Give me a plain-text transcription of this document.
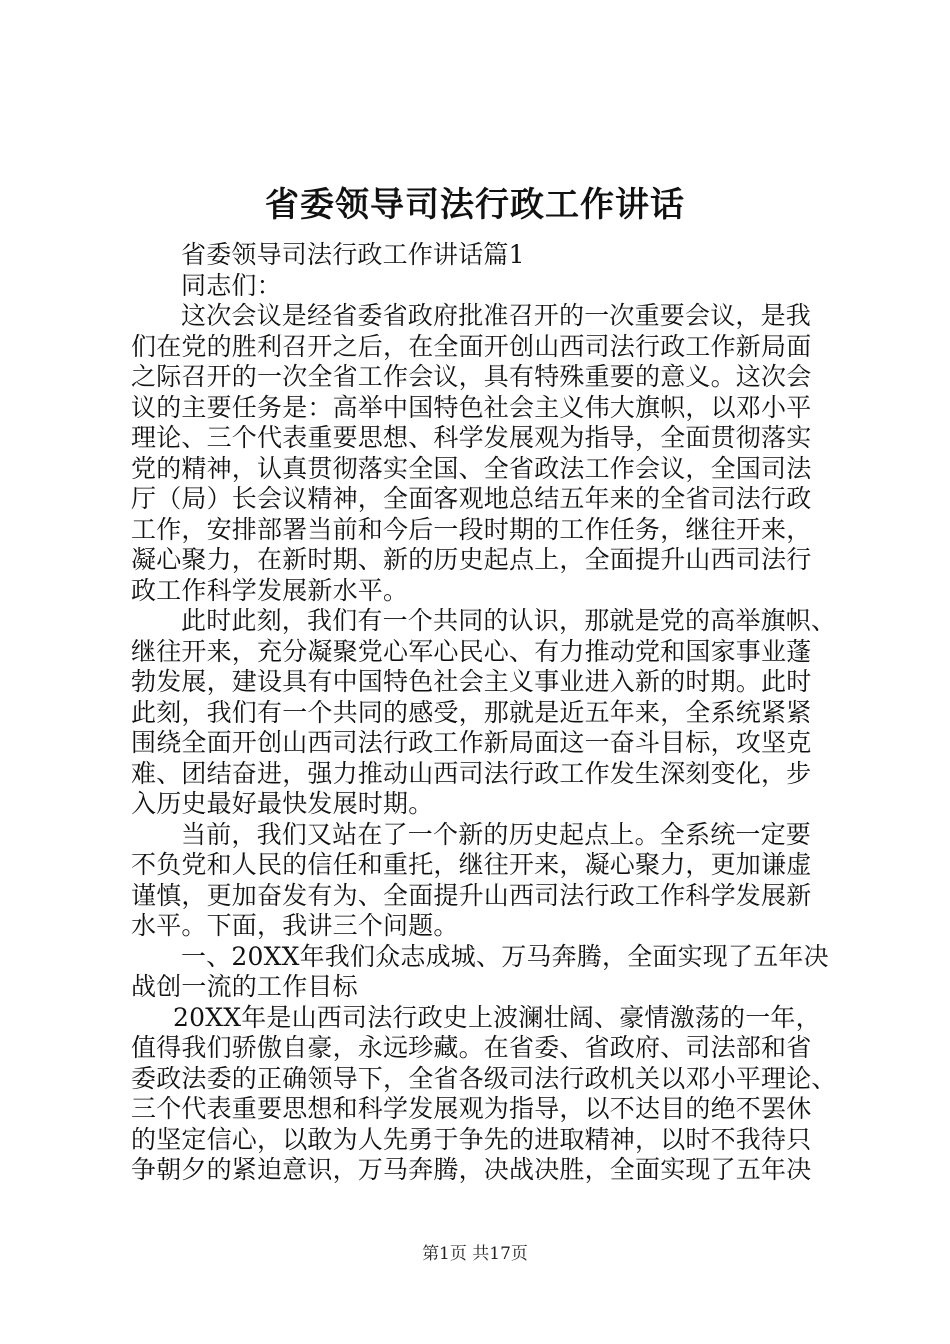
省委领导司法行政工作讲话
省委领导司法行政工作讲话篇1
同志们：
这次会议是经省委省政府批准召开的一次重要会议，是我
们在党的胜利召开之后，在全面开创山西司法行政工作新局面
之际召开的一次全省工作会议，具有特殊重要的意义。这次会
议的主要任务是：高举中国特色社会主义伟大旗帜，以邓小平
理论、三个代表重要思想、科学发展观为指导，全面贯彻落实
党的精神，认真贯彻落实全国、全省政法工作会议，全国司法
厅（局）长会议精神，全面客观地总结五年来的全省司法行政
工作，安排部署当前和今后一段时期的工作任务，继往开来，
凝心聚力，在新时期、新的历史起点上，全面提升山西司法行
政工作科学发展新水平。
此时此刻，我们有一个共同的认识，那就是党的高举旗帜、
继往开来，充分凝聚党心军心民心、有力推动党和国家事业蓬
勃发展，建设具有中国特色社会主义事业进入新的时期。此时
此刻，我们有一个共同的感受，那就是近五年来，全系统紧紧
围绕全面开创山西司法行政工作新局面这一奋斗目标，攻坚克
难、团结奋进，强力推动山西司法行政工作发生深刻变化，步
入历史最好最快发展时期。
当前，我们又站在了一个新的历史起点上。全系统一定要
不负党和人民的信任和重托，继往开来，凝心聚力，更加谦虚
谨慎，更加奋发有为、全面提升山西司法行政工作科学发展新
水平。下面，我讲三个问题。
一、20XX年我们众志成城、万马奔腾，全面实现了五年决
战创一流的工作目标
20XX年是山西司法行政史上波澜壮阔、豪情激荡的一年，
值得我们骄傲自豪，永远珍藏。在省委、省政府、司法部和省
委政法委的正确领导下，全省各级司法行政机关以邓小平理论、
三个代表重要思想和科学发展观为指导，以不达目的绝不罢休
的坚定信心，以敢为人先勇于争先的进取精神，以时不我待只
争朝夕的紧迫意识，万马奔腾，决战决胜，全面实现了五年决
第1页 共17页
